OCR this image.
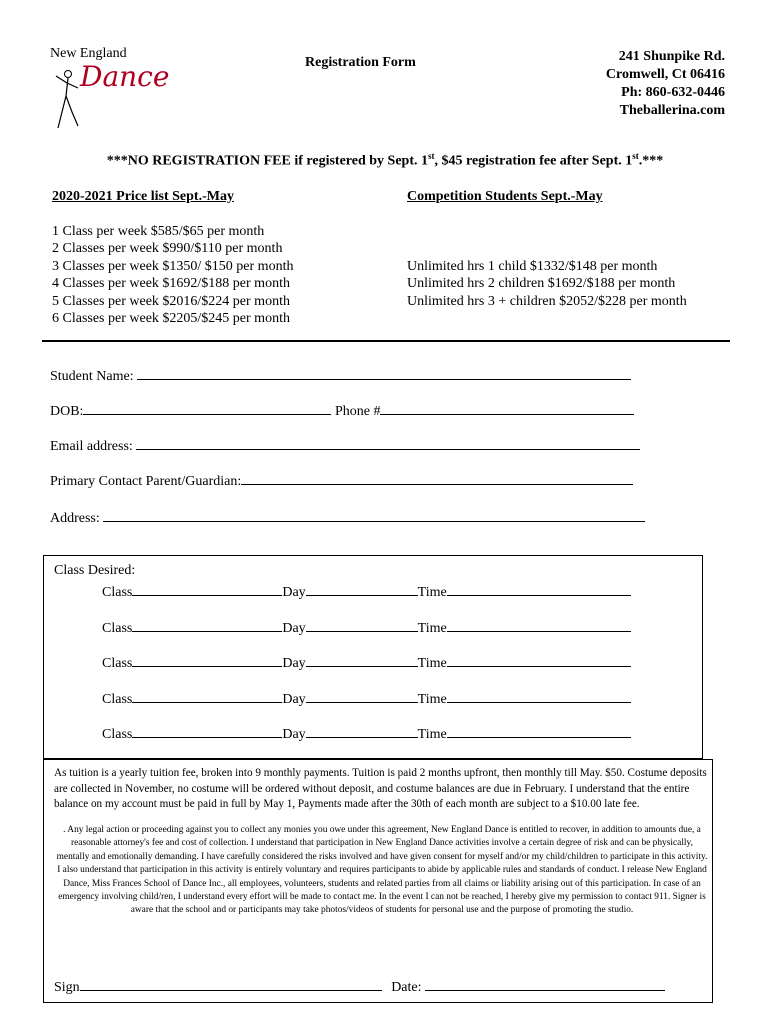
New England
Dance	Registration Form	241 Shunpike Rd.
Cromwell, Ct 06416
Ph: 860-632-0446
Theballerina.com
***NO REGISTRATION FEE if registered by Sept. 1st, $45 registration fee after Sept. 1st.***
2020-2021 Price list Sept.-May
1 Class per week $585/$65 per month
2 Classes per week $990/$110 per month
3 Classes per week $1350/ $150 per month
4 Classes per week $1692/$188 per month
5 Classes per week $2016/$224 per month
6 Classes per week $2205/$245 per month
Competition Students Sept.-May
Unlimited hrs 1 child $1332/$148 per month
Unlimited hrs 2 children $1692/$188 per month
Unlimited hrs 3 + children $2052/$228 per month
Student Name:
DOB:	Phone #
Email address:
Primary Contact Parent/Guardian:
Address:
Class Desired:
Class	Day	Time
Class	Day	Time
Class	Day	Time
Class	Day	Time
Class	Day	Time
As tuition is a yearly tuition fee, broken into 9 monthly payments. Tuition is paid 2 months upfront, then monthly till May. $50. Costume deposits are collected in November, no costume will be ordered without deposit, and costume balances are due in February. I understand that the entire balance on my account must be paid in full by May 1, Payments made after the 30th of each month are subject to a $10.00 late fee.
. Any legal action or proceeding against you to collect any monies you owe under this agreement, New England Dance is entitled to recover, in addition to amounts due, a reasonable attorney's fee and cost of collection. I understand that participation in New England Dance activities involve a certain degree of risk and can be physically, mentally and emotionally demanding. I have carefully considered the risks involved and have given consent for myself and/or my child/children to participate in this activity. I also understand that participation in this activity is entirely voluntary and requires participants to abide by applicable rules and standards of conduct. I release New England Dance, Miss Frances School of Dance Inc., all employees, volunteers, students and related parties from all claims or liability arising out of this participation. In case of an emergency involving child/ren, I understand every effort will be made to contact me. In the event I can not be reached, I hereby give my permission to contact 911. Signer is aware that the school and or participants may take photos/videos of students for personal use and the purpose of promoting the studio.
Sign	Date:
